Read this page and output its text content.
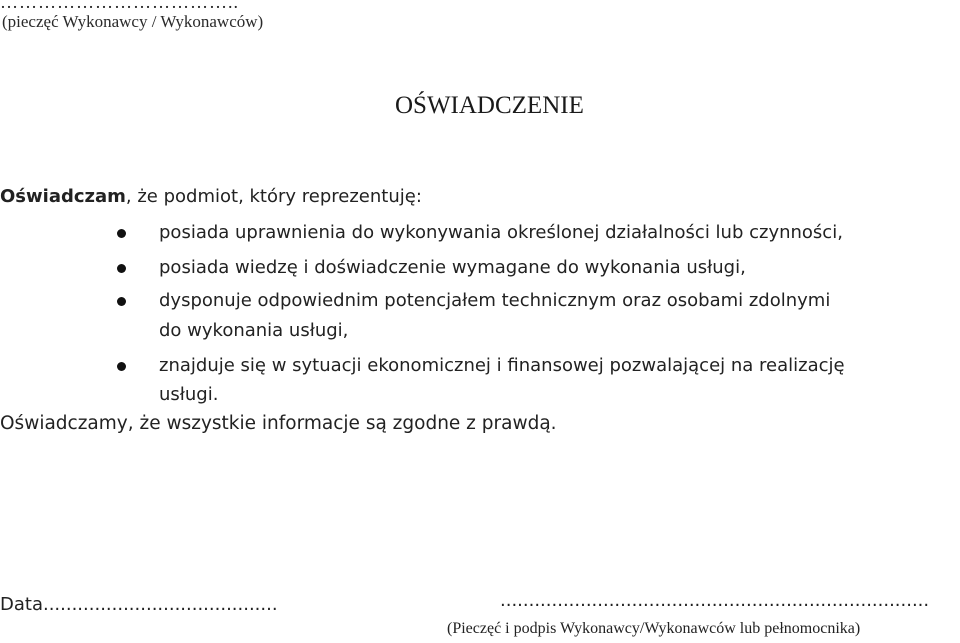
………………………………..
(pieczęć Wykonawcy / Wykonawców)
OŚWIADCZENIE
Oświadczam, że podmiot, który reprezentuję:
posiada uprawnienia do wykonywania określonej działalności lub czynności,
posiada wiedzę i doświadczenie wymagane do wykonania usługi,
dysponuje odpowiednim potencjałem technicznym oraz osobami zdolnymi
do wykonania usługi,
znajduje się w sytuacji ekonomicznej i finansowej pozwalającej na realizację
usługi.
Oświadczamy, że wszystkie informacje są zgodne z prawdą.
Data.........................................	...........................................................................
(Pieczęć i podpis Wykonawcy/Wykonawców lub pełnomocnika)
